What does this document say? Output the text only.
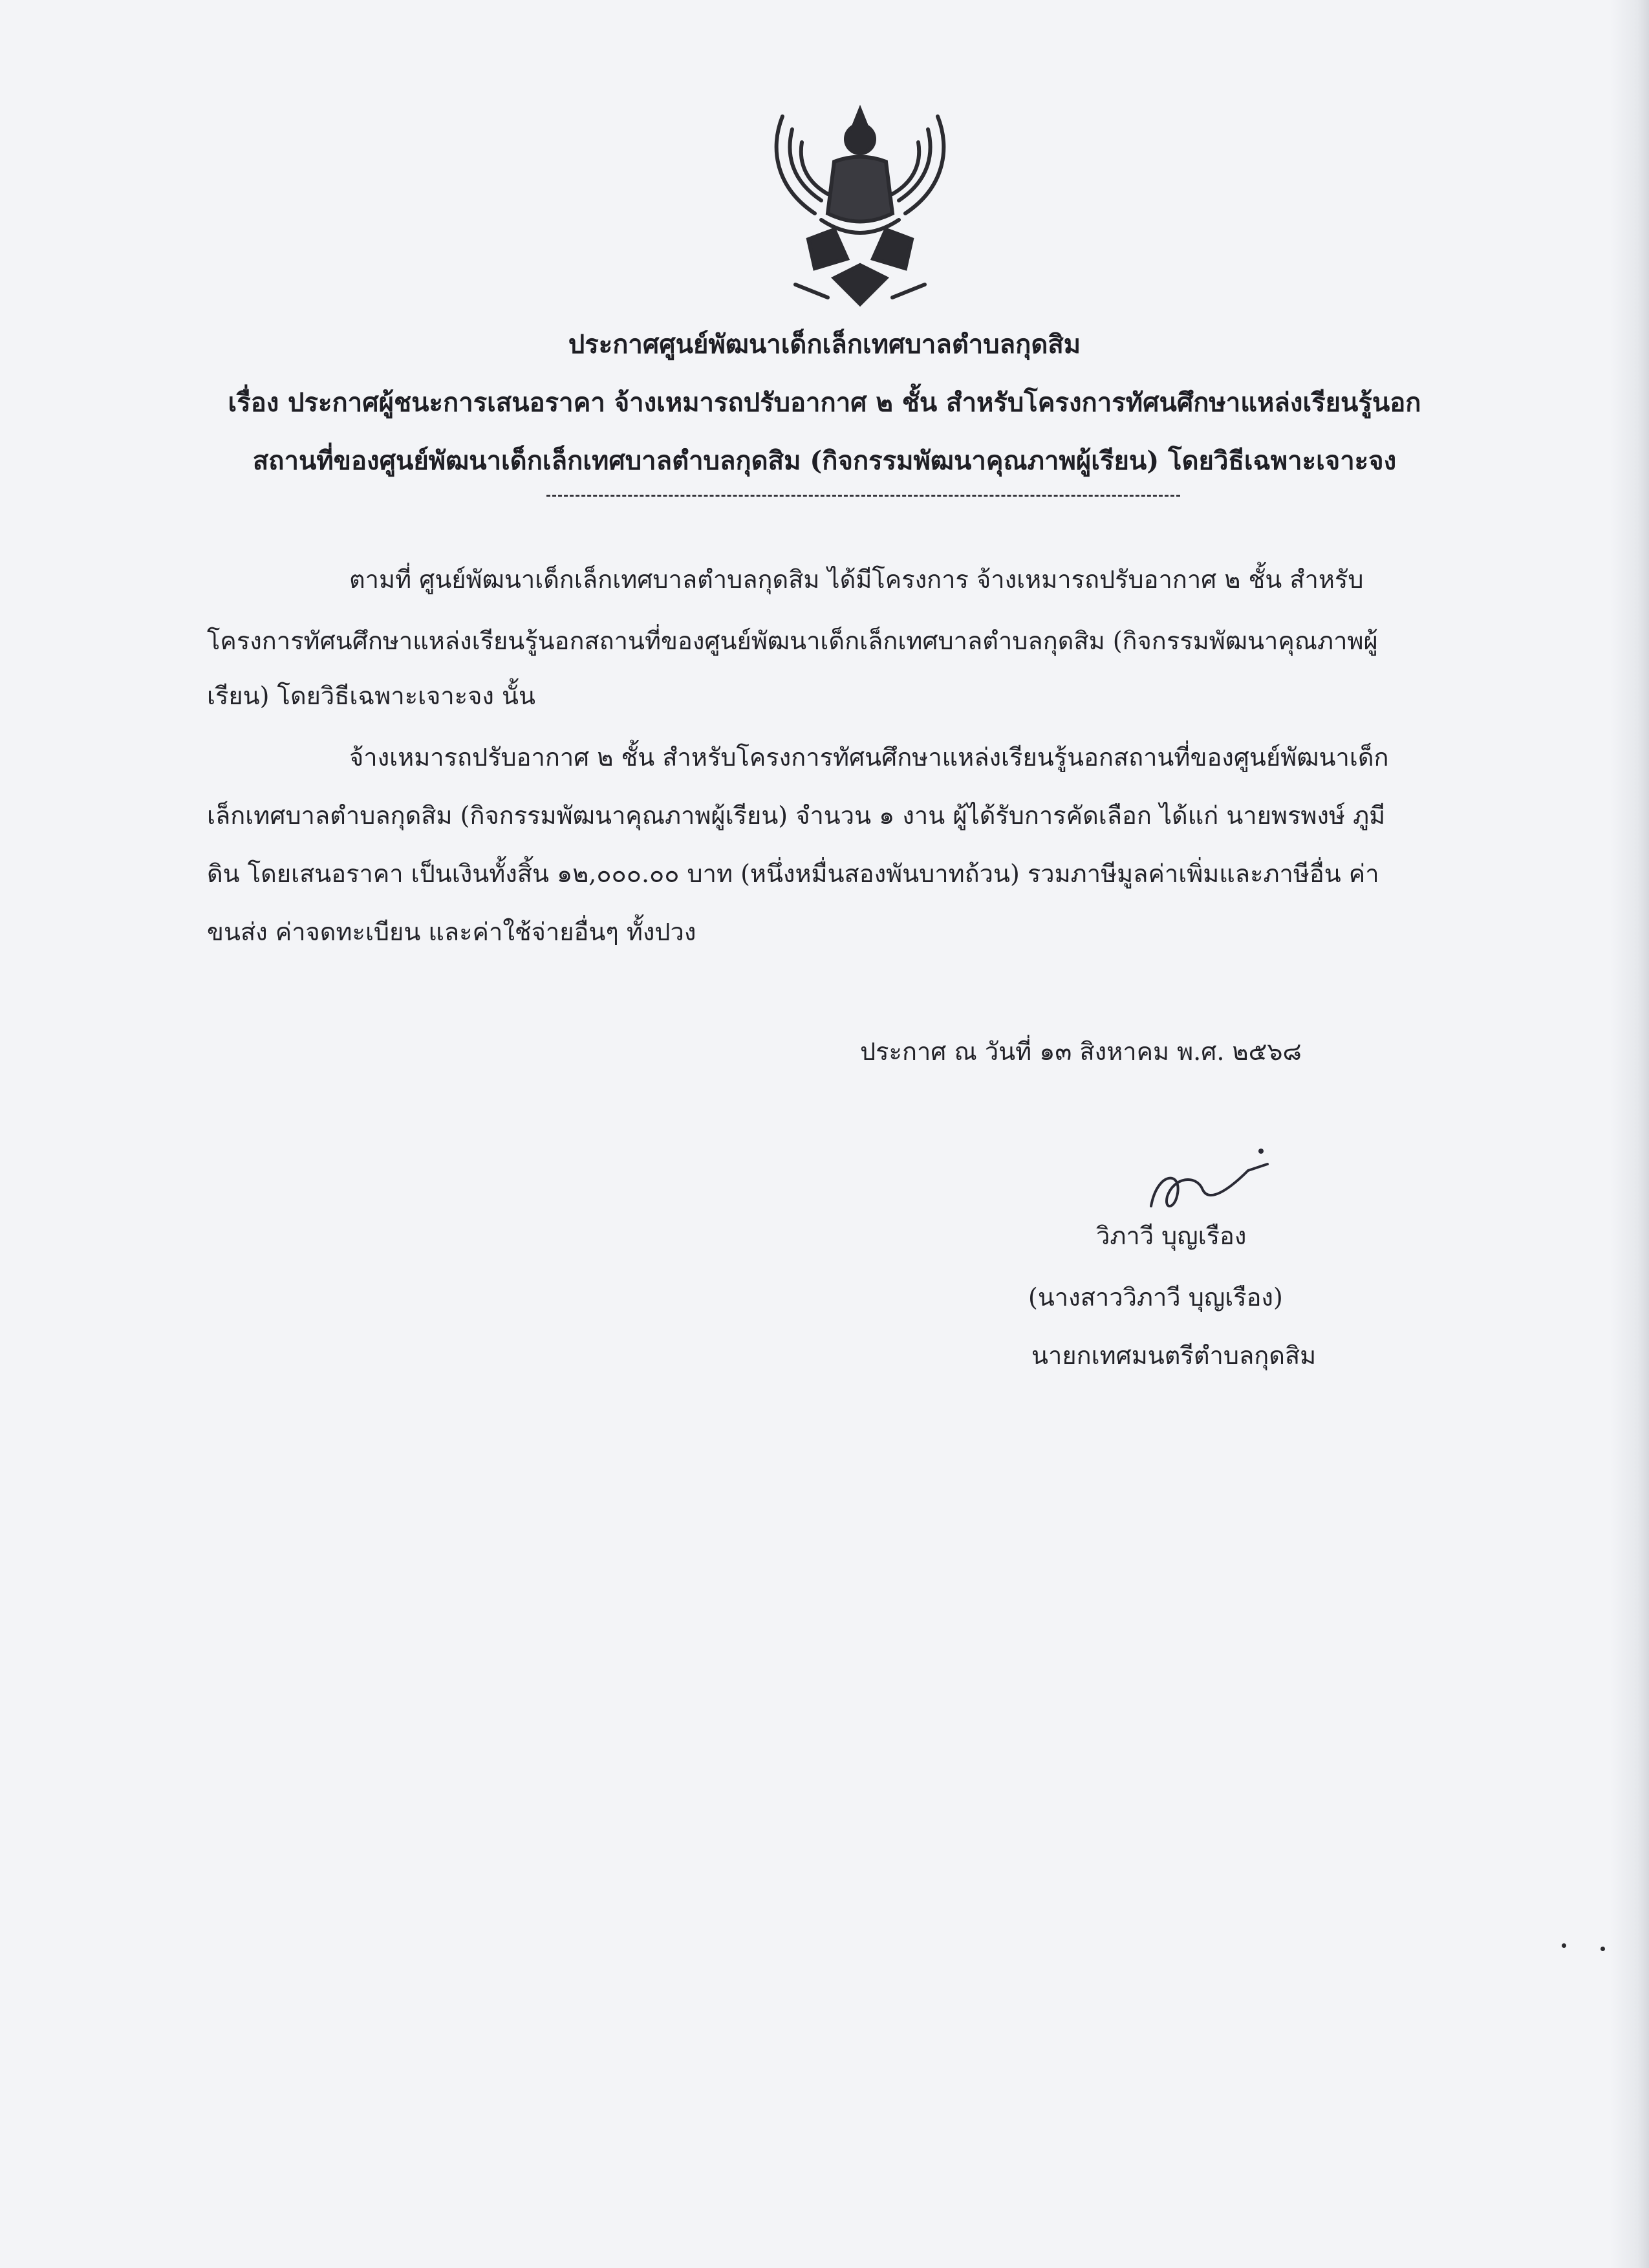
ประกาศศูนย์พัฒนาเด็กเล็กเทศบาลตำบลกุดสิม
เรื่อง ประกาศผู้ชนะการเสนอราคา จ้างเหมารถปรับอากาศ ๒ ชั้น สำหรับโครงการทัศนศึกษาแหล่งเรียนรู้นอก
สถานที่ของศูนย์พัฒนาเด็กเล็กเทศบาลตำบลกุดสิม (กิจกรรมพัฒนาคุณภาพผู้เรียน) โดยวิธีเฉพาะเจาะจง
ตามที่ ศูนย์พัฒนาเด็กเล็กเทศบาลตำบลกุดสิม ได้มีโครงการ จ้างเหมารถปรับอากาศ ๒ ชั้น สำหรับ
โครงการทัศนศึกษาแหล่งเรียนรู้นอกสถานที่ของศูนย์พัฒนาเด็กเล็กเทศบาลตำบลกุดสิม (กิจกรรมพัฒนาคุณภาพผู้
เรียน) โดยวิธีเฉพาะเจาะจง นั้น
จ้างเหมารถปรับอากาศ ๒ ชั้น สำหรับโครงการทัศนศึกษาแหล่งเรียนรู้นอกสถานที่ของศูนย์พัฒนาเด็ก
เล็กเทศบาลตำบลกุดสิม (กิจกรรมพัฒนาคุณภาพผู้เรียน) จำนวน ๑ งาน ผู้ได้รับการคัดเลือก ได้แก่ นายพรพงษ์ ภูมี
ดิน โดยเสนอราคา เป็นเงินทั้งสิ้น ๑๒,๐๐๐.๐๐ บาท (หนึ่งหมื่นสองพันบาทถ้วน) รวมภาษีมูลค่าเพิ่มและภาษีอื่น ค่า
ขนส่ง ค่าจดทะเบียน และค่าใช้จ่ายอื่นๆ ทั้งปวง
ประกาศ ณ วันที่ ๑๓ สิงหาคม พ.ศ. ๒๕๖๘
วิภาวี บุญเรือง
(นางสาววิภาวี บุญเรือง)
นายกเทศมนตรีตำบลกุดสิม
